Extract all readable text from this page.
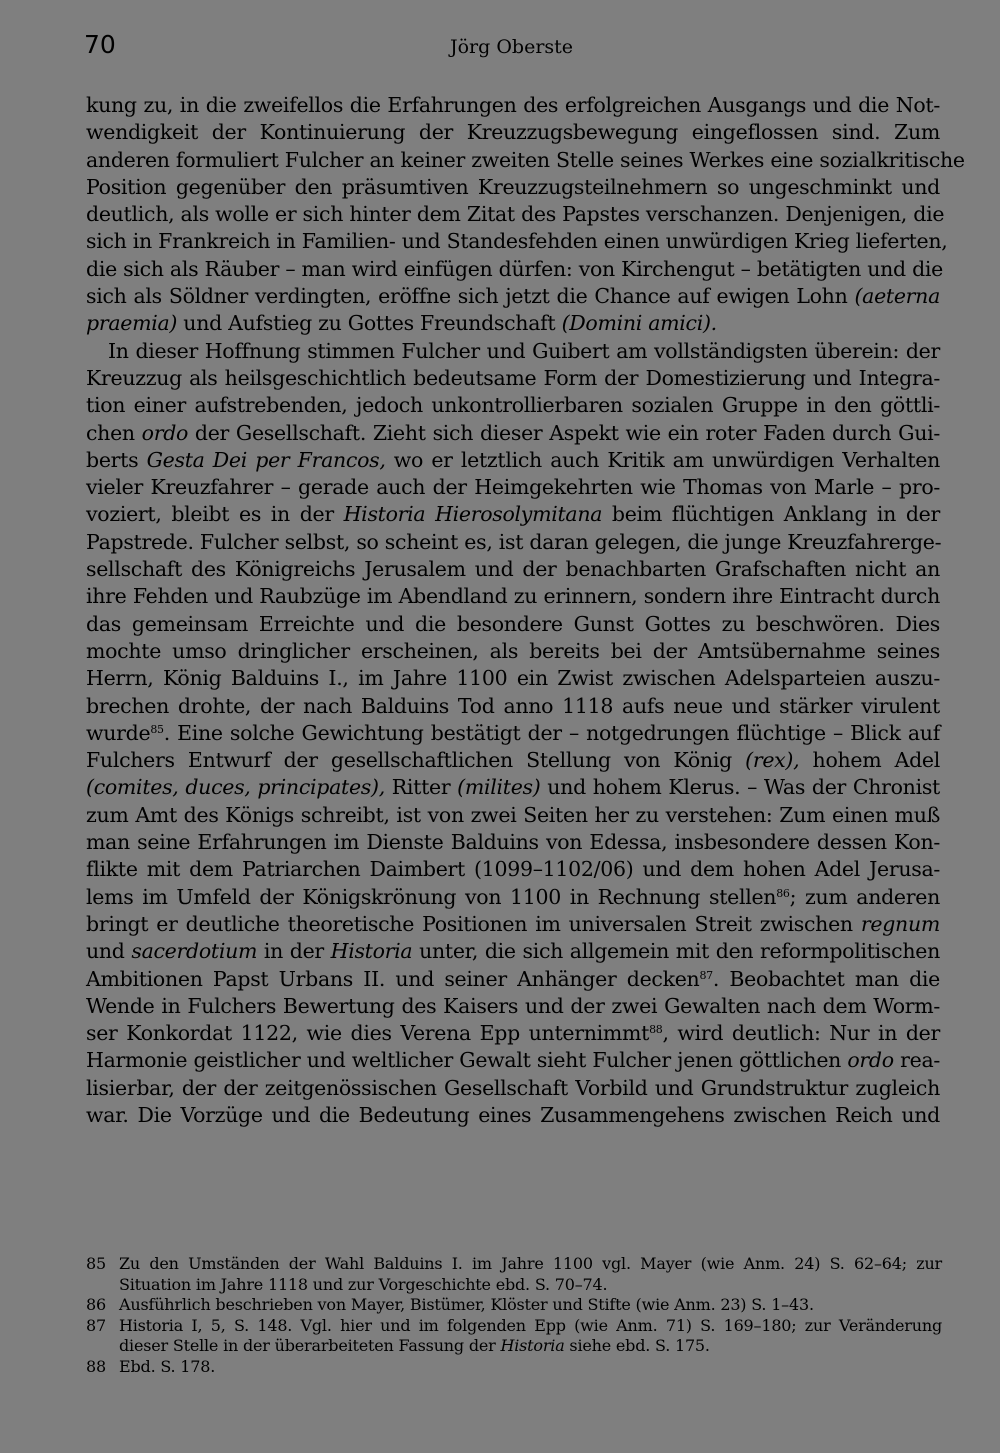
70	Jörg Oberste
kung zu, in die zweifellos die Erfahrungen des erfolgreichen Ausgangs und die Not-
wendigkeit der Kontinuierung der Kreuzzugsbewegung eingeflossen sind. Zum
anderen formuliert Fulcher an keiner zweiten Stelle seines Werkes eine sozialkritische
Position gegenüber den präsumtiven Kreuzzugsteilnehmern so ungeschminkt und
deutlich, als wolle er sich hinter dem Zitat des Papstes verschanzen. Denjenigen, die
sich in Frankreich in Familien- und Standesfehden einen unwürdigen Krieg lieferten,
die sich als Räuber – man wird einfügen dürfen: von Kirchengut – betätigten und die
sich als Söldner verdingten, eröffne sich jetzt die Chance auf ewigen Lohn (aeterna
praemia) und Aufstieg zu Gottes Freundschaft (Domini amici).
In dieser Hoffnung stimmen Fulcher und Guibert am vollständigsten überein: der
Kreuzzug als heilsgeschichtlich bedeutsame Form der Domestizierung und Integra-
tion einer aufstrebenden, jedoch unkontrollierbaren sozialen Gruppe in den göttli-
chen ordo der Gesellschaft. Zieht sich dieser Aspekt wie ein roter Faden durch Gui-
berts Gesta Dei per Francos, wo er letztlich auch Kritik am unwürdigen Verhalten
vieler Kreuzfahrer – gerade auch der Heimgekehrten wie Thomas von Marle – pro-
voziert, bleibt es in der Historia Hierosolymitana beim flüchtigen Anklang in der
Papstrede. Fulcher selbst, so scheint es, ist daran gelegen, die junge Kreuzfahrerge-
sellschaft des Königreichs Jerusalem und der benachbarten Grafschaften nicht an
ihre Fehden und Raubzüge im Abendland zu erinnern, sondern ihre Eintracht durch
das gemeinsam Erreichte und die besondere Gunst Gottes zu beschwören. Dies
mochte umso dringlicher erscheinen, als bereits bei der Amtsübernahme seines
Herrn, König Balduins I., im Jahre 1100 ein Zwist zwischen Adelsparteien auszu-
brechen drohte, der nach Balduins Tod anno 1118 aufs neue und stärker virulent
wurde$^{85}$. Eine solche Gewichtung bestätigt der – notgedrungen flüchtige – Blick auf
Fulchers Entwurf der gesellschaftlichen Stellung von König (rex), hohem Adel
(comites, duces, principates), Ritter (milites) und hohem Klerus. – Was der Chronist
zum Amt des Königs schreibt, ist von zwei Seiten her zu verstehen: Zum einen muß
man seine Erfahrungen im Dienste Balduins von Edessa, insbesondere dessen Kon-
flikte mit dem Patriarchen Daimbert (1099–1102/06) und dem hohen Adel Jerusa-
lems im Umfeld der Königskrönung von 1100 in Rechnung stellen$^{86}$; zum anderen
bringt er deutliche theoretische Positionen im universalen Streit zwischen regnum
und sacerdotium in der Historia unter, die sich allgemein mit den reformpolitischen
Ambitionen Papst Urbans II. und seiner Anhänger decken$^{87}$. Beobachtet man die
Wende in Fulchers Bewertung des Kaisers und der zwei Gewalten nach dem Worm-
ser Konkordat 1122, wie dies Verena Epp unternimmt$^{88}$, wird deutlich: Nur in der
Harmonie geistlicher und weltlicher Gewalt sieht Fulcher jenen göttlichen ordo rea-
lisierbar, der der zeitgenössischen Gesellschaft Vorbild und Grundstruktur zugleich
war. Die Vorzüge und die Bedeutung eines Zusammengehens zwischen Reich und
85 Zu den Umständen der Wahl Balduins I. im Jahre 1100 vgl. Mayer (wie Anm. 24) S. 62–64; zur
Situation im Jahre 1118 und zur Vorgeschichte ebd. S. 70–74.
86 Ausführlich beschrieben von Mayer, Bistümer, Klöster und Stifte (wie Anm. 23) S. 1–43.
87 Historia I, 5, S. 148. Vgl. hier und im folgenden Epp (wie Anm. 71) S. 169–180; zur Veränderung
dieser Stelle in der überarbeiteten Fassung der Historia siehe ebd. S. 175.
88 Ebd. S. 178.
